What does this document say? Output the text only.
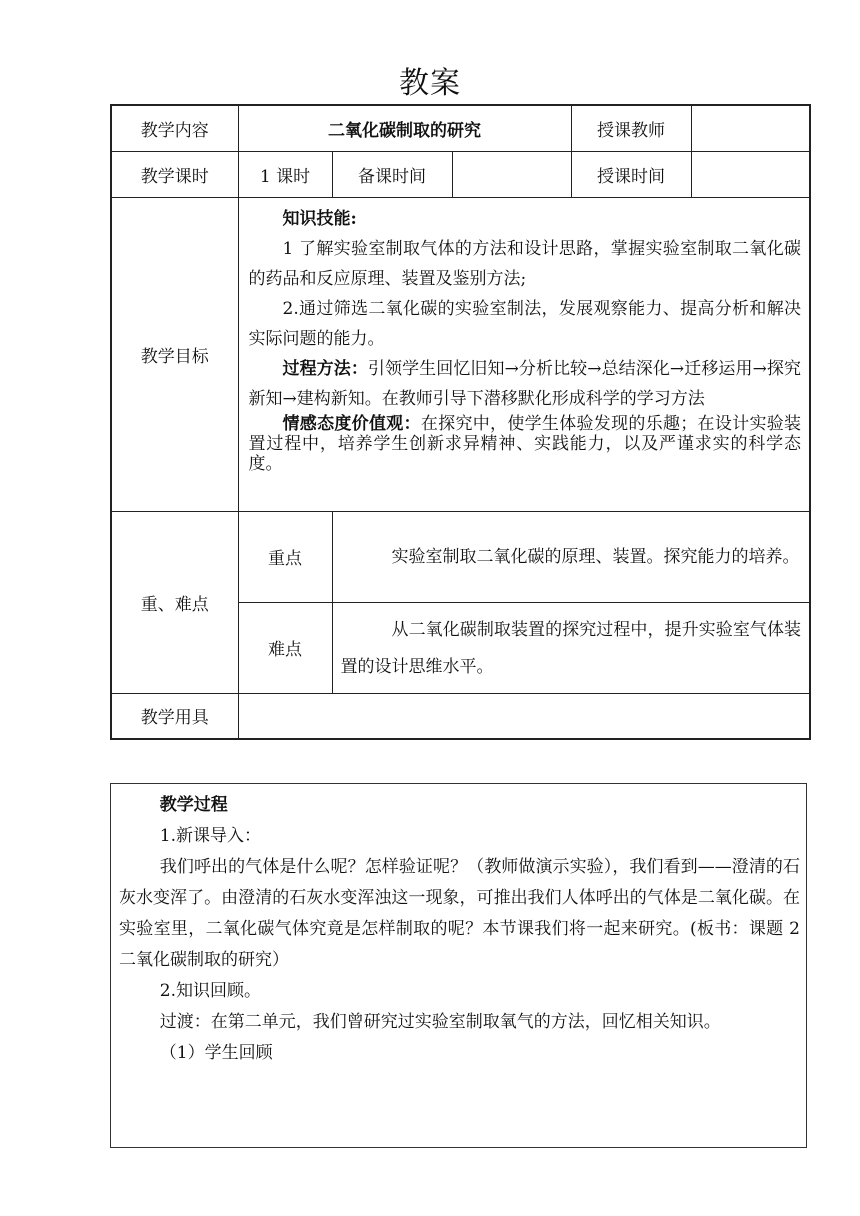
教案
教学内容	二氧化碳制取的研究			授课教师	
教学课时	1 课时	备课时间		授课时间	
教学目标	知识技能:

1 了解实验室制取气体的方法和设计思路，掌握实验室制取二氧化碳的药品和反应原理、装置及鉴别方法;

2.通过筛选二氧化碳的实验室制法，发展观察能力、提高分析和解决实际问题的能力。

过程方法：引领学生回忆旧知→分析比较→总结深化→迁移运用→探究新知→建构新知。在教师引导下潜移默化形成科学的学习方法

情感态度价值观：在探究中，使学生体验发现的乐趣；在设计实验装置过程中，培养学生创新求异精神、实践能力，以及严谨求实的科学态度。				

重、难点	重点	实验室制取二氧化碳的原理、装置。探究能力的培养。			

	难点	从二氧化碳制取装置的探究过程中，提升实验室气体装置的设计思维水平。			

教学用具					

教学过程

1.新课导入：

我们呼出的气体是什么呢？怎样验证呢？（教师做演示实验），我们看到——澄清的石灰水变浑了。由澄清的石灰水变浑浊这一现象，可推出我们人体呼出的气体是二氧化碳。在实验室里，二氧化碳气体究竟是怎样制取的呢？本节课我们将一起来研究。(板书：课题 2　二氧化碳制取的研究）

2.知识回顾。

过渡：在第二单元，我们曾研究过实验室制取氧气的方法，回忆相关知识。

（1）学生回顾
